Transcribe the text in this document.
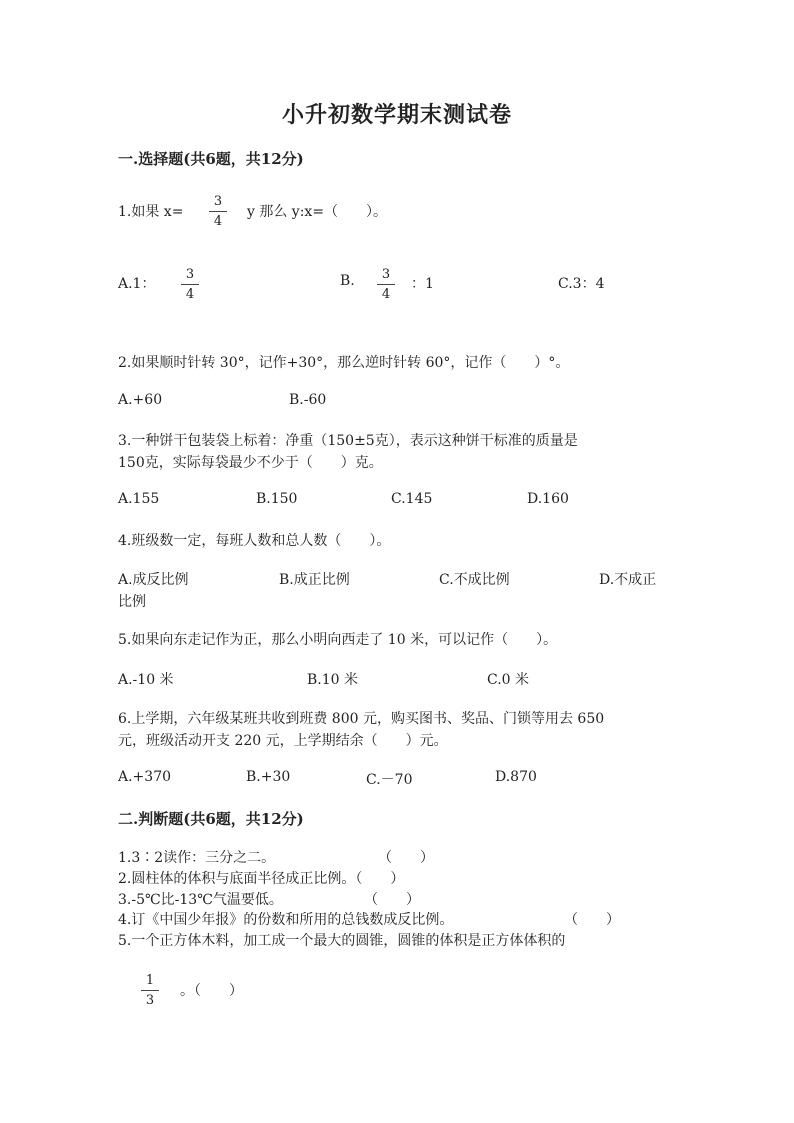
小升初数学期末测试卷
一.选择题(共6题，共12分)
1.如果 x=
3
4
y 那么 y:x=（　　）。
A.1：
3
4
B.	3
4
：1	C.3：4
2.如果顺时针转 30°，记作+30°，那么逆时针转 60°，记作（　　）°。
A.+60	B.-60
3.一种饼干包装袋上标着：净重（150±5克），表示这种饼干标准的质量是
150克，实际每袋最少不少于（　　）克。
A.155	B.150	C.145	D.160
4.班级数一定，每班人数和总人数（　　）。
A.成反比例	B.成正比例	C.不成比例	D.不成正
比例
5.如果向东走记作为正，那么小明向西走了 10 米，可以记作（　　）。
A.-10 米	B.10 米	C.0 米
6.上学期，六年级某班共收到班费 800 元，购买图书、奖品、门锁等用去 650
元，班级活动开支 220 元，上学期结余（　　）元。
A.+370	B.+30	C.－70	D.870
二.判断题(共6题，共12分)
1.3∶2读作：三分之二。	（　　）
2.圆柱体的体积与底面半径成正比例。（　　）
3.-5℃比-13℃气温要低。	（　　）
4.订《中国少年报》的份数和所用的总钱数成反比例。	（　　）
5.一个正方体木料，加工成一个最大的圆锥，圆锥的体积是正方体体积的
1
3
。（　　）
